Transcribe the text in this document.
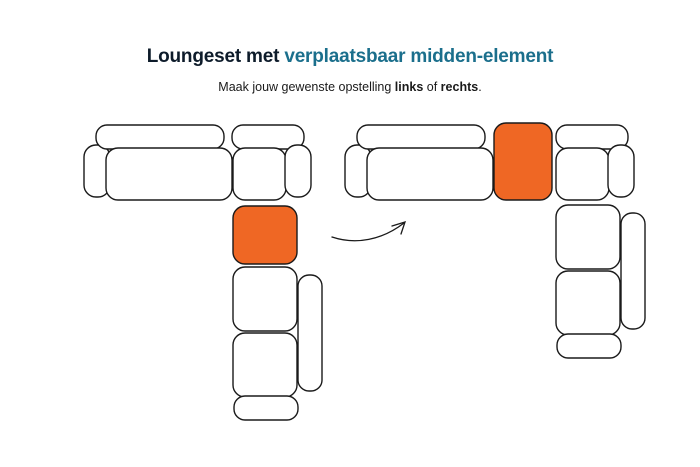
Loungeset met verplaatsbaar midden-element
Maak jouw gewenste opstelling links of rechts.
